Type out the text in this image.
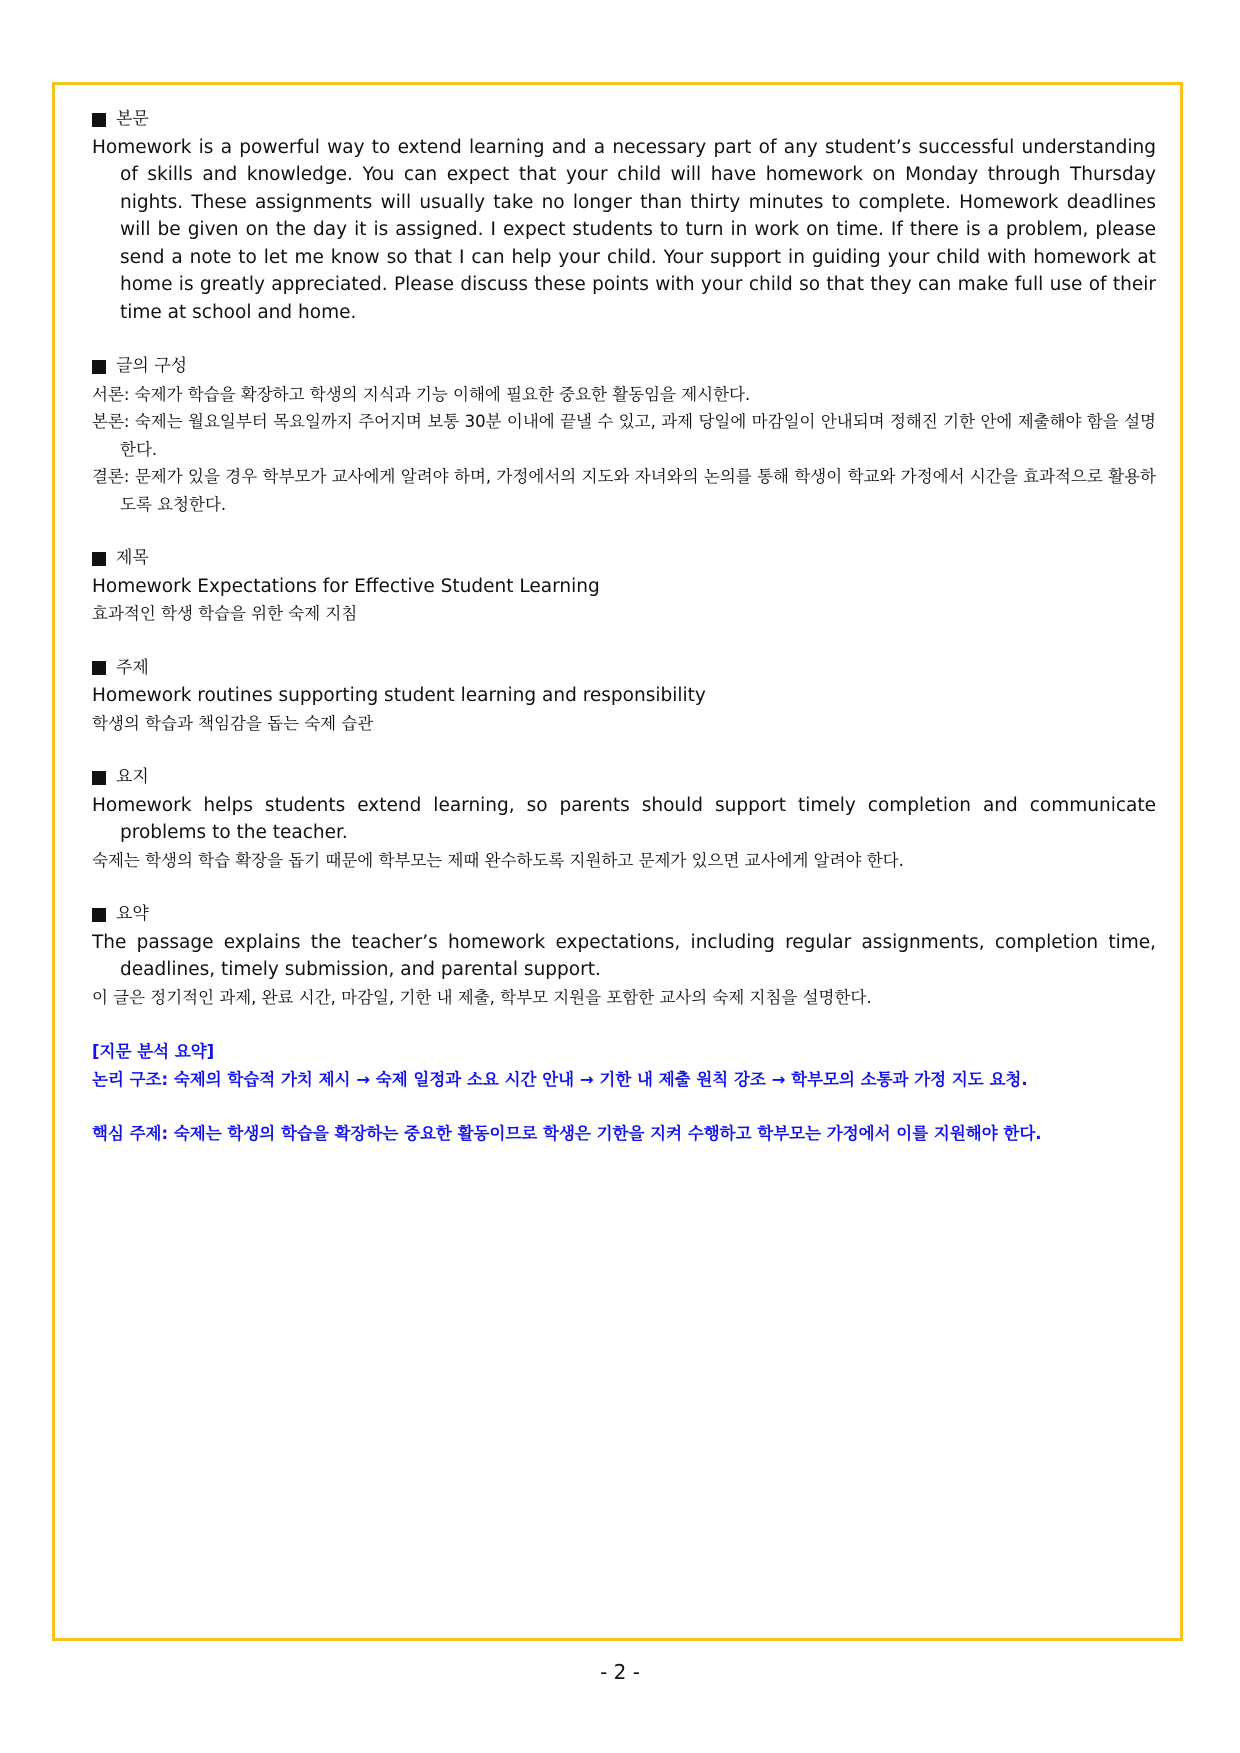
본문

Homework is a powerful way to extend learning and a necessary part of any student’s successful understanding of skills and knowledge. You can expect that your child will have homework on Monday through Thursday nights. These assignments will usually take no longer than thirty minutes to complete. Homework deadlines will be given on the day it is assigned. I expect students to turn in work on time. If there is a problem, please send a note to let me know so that I can help your child. Your support in guiding your child with homework at home is greatly appreciated. Please discuss these points with your child so that they can make full use of their time at school and home.

글의 구성

서론: 숙제가 학습을 확장하고 학생의 지식과 기능 이해에 필요한 중요한 활동임을 제시한다.

본론: 숙제는 월요일부터 목요일까지 주어지며 보통 30분 이내에 끝낼 수 있고, 과제 당일에 마감일이 안내되며 정해진 기한 안에 제출해야 함을 설명한다.

결론: 문제가 있을 경우 학부모가 교사에게 알려야 하며, 가정에서의 지도와 자녀와의 논의를 통해 학생이 학교와 가정에서 시간을 효과적으로 활용하도록 요청한다.

제목

Homework Expectations for Effective Student Learning

효과적인 학생 학습을 위한 숙제 지침

주제

Homework routines supporting student learning and responsibility

학생의 학습과 책임감을 돕는 숙제 습관

요지

Homework helps students extend learning, so parents should support timely completion and communicate problems to the teacher.

숙제는 학생의 학습 확장을 돕기 때문에 학부모는 제때 완수하도록 지원하고 문제가 있으면 교사에게 알려야 한다.

요약

The passage explains the teacher’s homework expectations, including regular assignments, completion time, deadlines, timely submission, and parental support.

이 글은 정기적인 과제, 완료 시간, 마감일, 기한 내 제출, 학부모 지원을 포함한 교사의 숙제 지침을 설명한다.

[지문 분석 요약]
논리 구조: 숙제의 학습적 가치 제시 → 숙제 일정과 소요 시간 안내 → 기한 내 제출 원칙 강조 → 학부모의 소통과 가정 지도 요청.
핵심 주제: 숙제는 학생의 학습을 확장하는 중요한 활동이므로 학생은 기한을 지켜 수행하고 학부모는 가정에서 이를 지원해야 한다.
- 2 -
